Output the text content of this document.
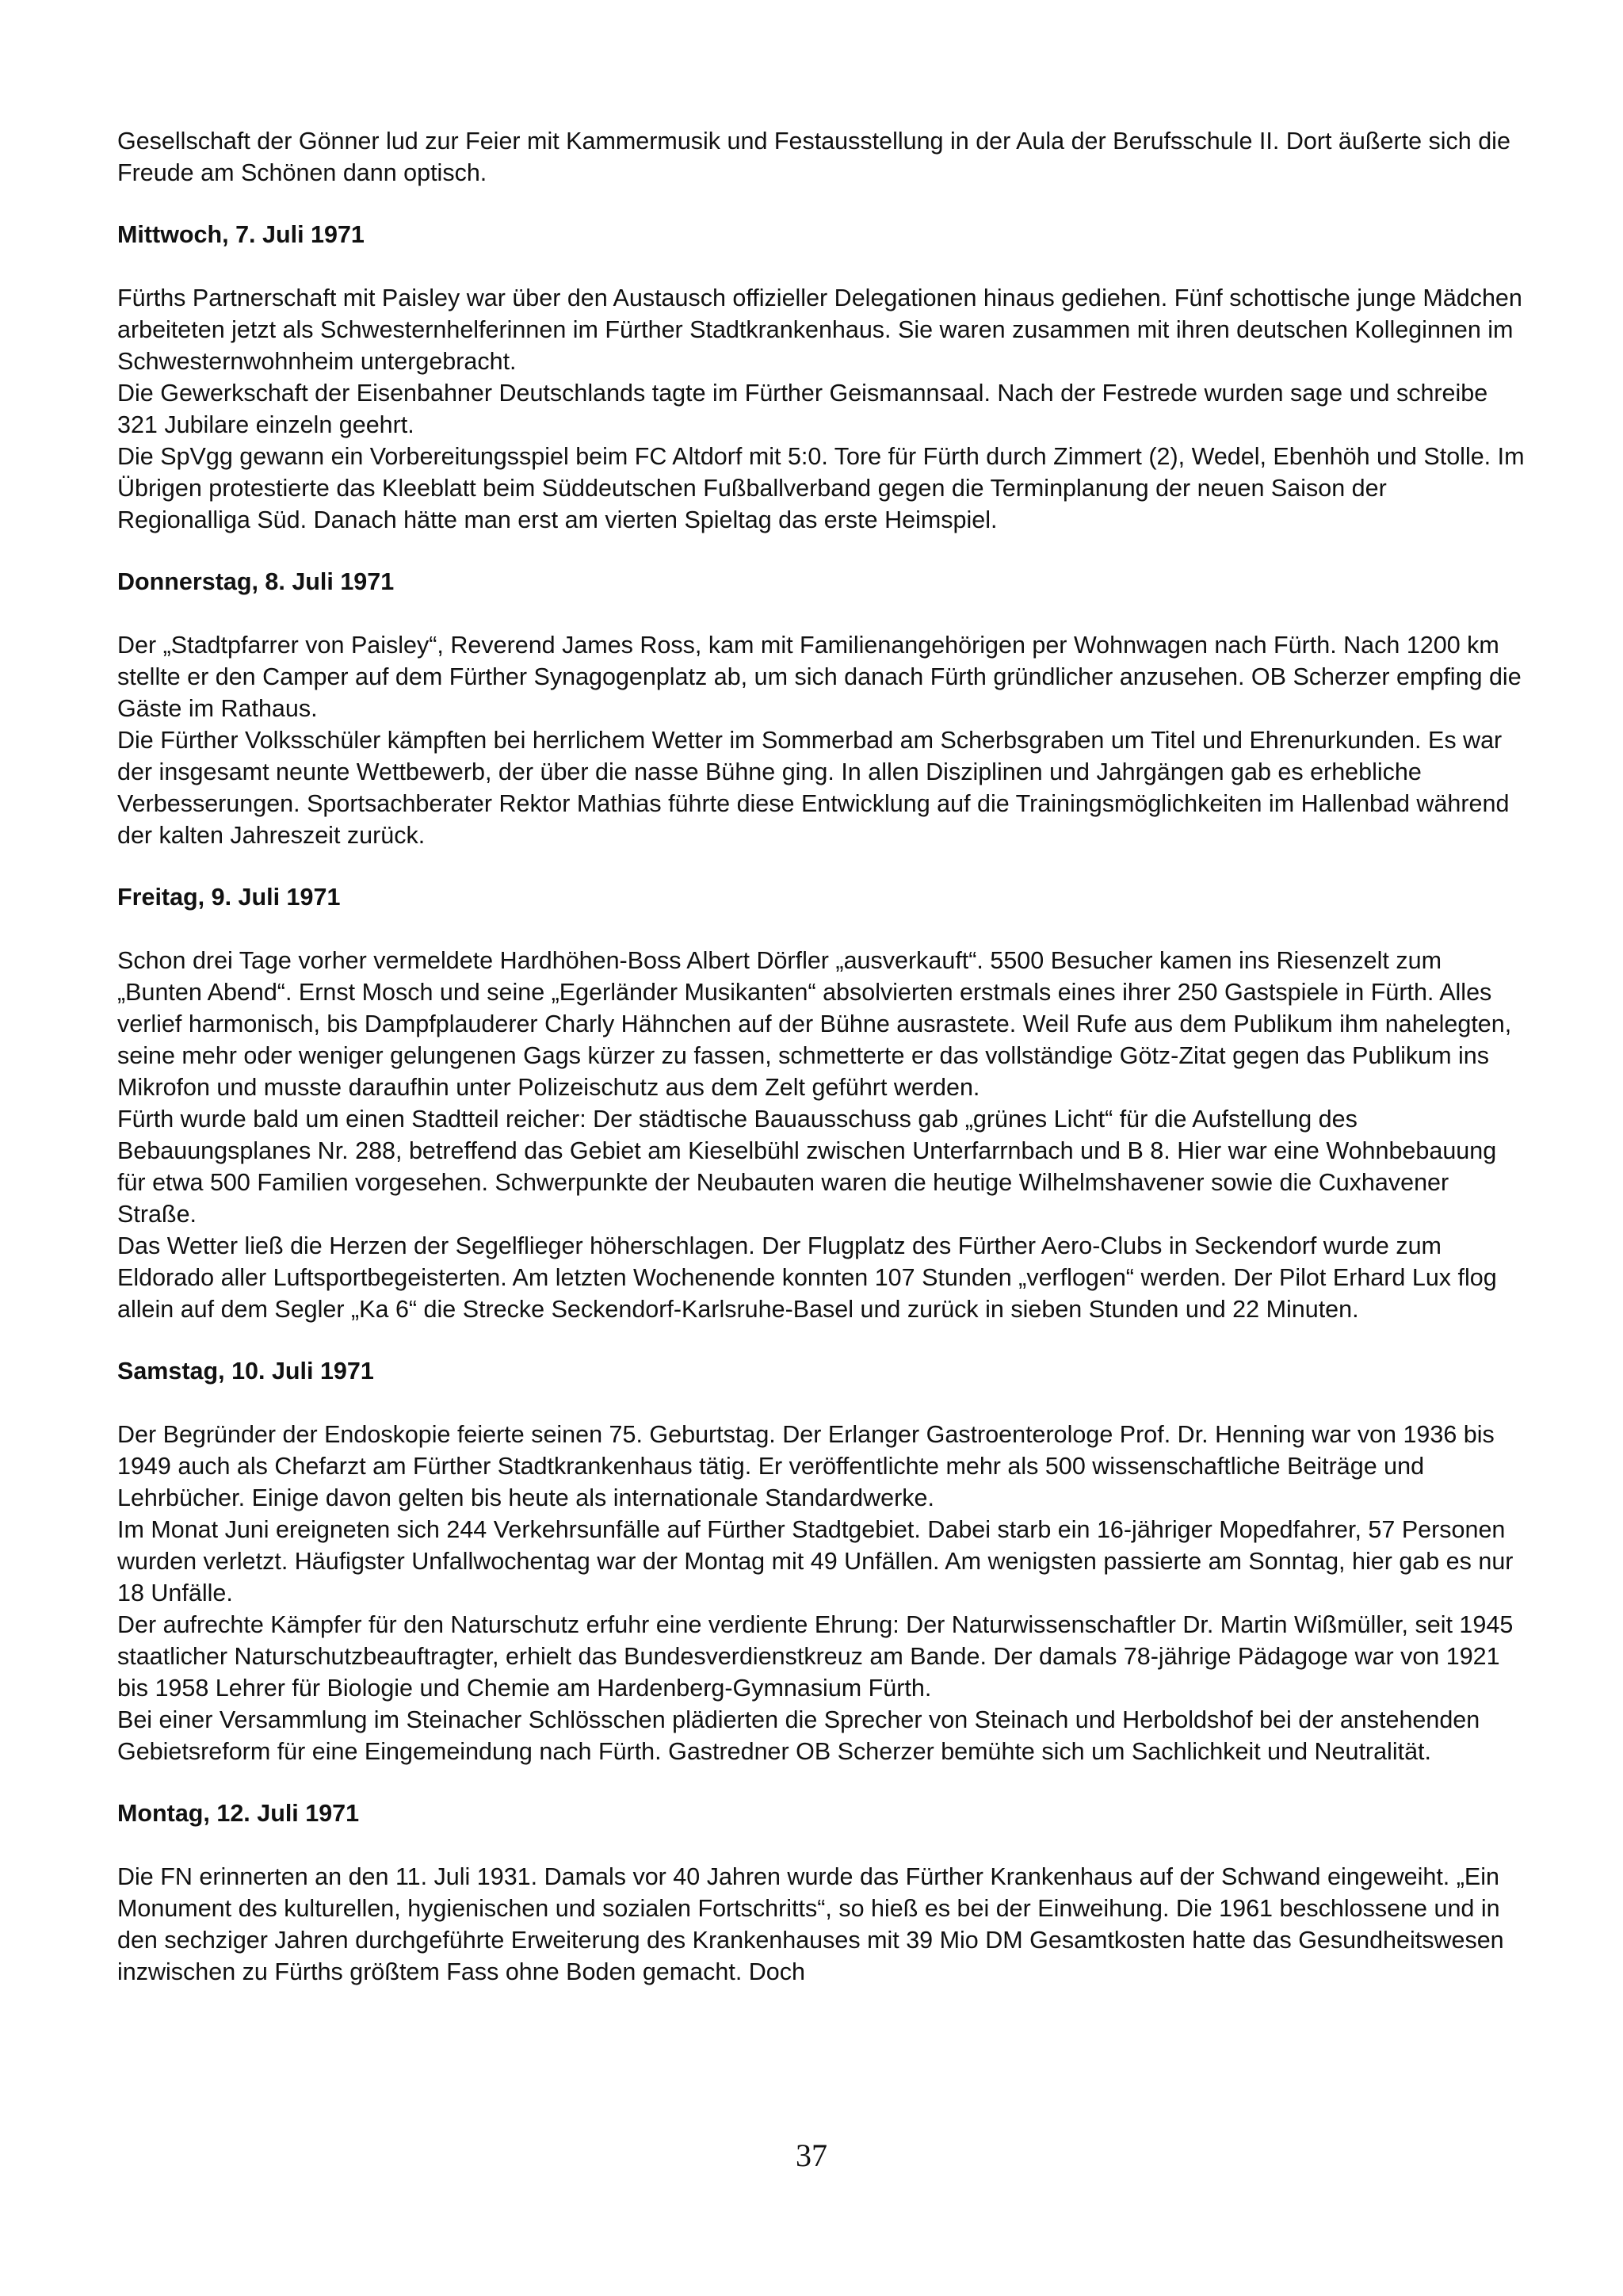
Gesellschaft der Gönner lud zur Feier mit Kammermusik und Festausstellung in der Aula der Berufsschule II. Dort äußerte sich die Freude am Schönen dann optisch.

Mittwoch, 7. Juli 1971

Fürths Partnerschaft mit Paisley war über den Austausch offizieller Delegationen hinaus gediehen. Fünf schottische junge Mädchen arbeiteten jetzt als Schwesternhelferinnen im Fürther Stadtkrankenhaus. Sie waren zusammen mit ihren deutschen Kolleginnen im Schwesternwohnheim untergebracht.

Die Gewerkschaft der Eisenbahner Deutschlands tagte im Fürther Geismannsaal. Nach der Festrede wurden sage und schreibe 321 Jubilare einzeln geehrt.

Die SpVgg gewann ein Vorbereitungsspiel beim FC Altdorf mit 5:0. Tore für Fürth durch Zimmert (2), Wedel, Ebenhöh und Stolle. Im Übrigen protestierte das Kleeblatt beim Süddeutschen Fußballverband gegen die Terminplanung der neuen Saison der Regionalliga Süd. Danach hätte man erst am vierten Spieltag das erste Heimspiel.

Donnerstag, 8. Juli 1971

Der „Stadtpfarrer von Paisley“, Reverend James Ross, kam mit Familienangehörigen per Wohnwagen nach Fürth. Nach 1200 km stellte er den Camper auf dem Fürther Synagogenplatz ab, um sich danach Fürth gründlicher anzusehen. OB Scherzer empfing die Gäste im Rathaus.

Die Fürther Volksschüler kämpften bei herrlichem Wetter im Sommerbad am Scherbsgraben um Titel und Ehrenurkunden. Es war der insgesamt neunte Wettbewerb, der über die nasse Bühne ging. In allen Disziplinen und Jahrgängen gab es erhebliche Verbesserungen. Sportsachberater Rektor Mathias führte diese Entwicklung auf die Trainingsmöglichkeiten im Hallenbad während der kalten Jahreszeit zurück.

Freitag, 9. Juli 1971

Schon drei Tage vorher vermeldete Hardhöhen-Boss Albert Dörfler „ausverkauft“. 5500 Besucher kamen ins Riesenzelt zum „Bunten Abend“. Ernst Mosch und seine „Egerländer Musikanten“ absolvierten erstmals eines ihrer 250 Gastspiele in Fürth. Alles verlief harmonisch, bis Dampfplauderer Charly Hähnchen auf der Bühne ausrastete. Weil Rufe aus dem Publikum ihm nahelegten, seine mehr oder weniger gelungenen Gags kürzer zu fassen, schmetterte er das vollständige Götz-Zitat gegen das Publikum ins Mikrofon und musste daraufhin unter Polizeischutz aus dem Zelt geführt werden.

Fürth wurde bald um einen Stadtteil reicher: Der städtische Bauausschuss gab „grünes Licht“ für die Aufstellung des Bebauungsplanes Nr. 288, betreffend das Gebiet am Kieselbühl zwischen Unterfarrnbach und B 8. Hier war eine Wohnbebauung für etwa 500 Familien vorgesehen. Schwerpunkte der Neubauten waren die heutige Wilhelmshavener sowie die Cuxhavener Straße.

Das Wetter ließ die Herzen der Segelflieger höherschlagen. Der Flugplatz des Fürther Aero-Clubs in Seckendorf wurde zum Eldorado aller Luftsportbegeisterten. Am letzten Wochenende konnten 107 Stunden „verflogen“ werden. Der Pilot Erhard Lux flog allein auf dem Segler „Ka 6“ die Strecke Seckendorf-Karlsruhe-Basel und zurück in sieben Stunden und 22 Minuten.

Samstag, 10. Juli 1971

Der Begründer der Endoskopie feierte seinen 75. Geburtstag. Der Erlanger Gastroenterologe Prof. Dr. Henning war von 1936 bis 1949 auch als Chefarzt am Fürther Stadtkrankenhaus tätig. Er veröffentlichte mehr als 500 wissenschaftliche Beiträge und Lehrbücher. Einige davon gelten bis heute als internationale Standardwerke.

Im Monat Juni ereigneten sich 244 Verkehrsunfälle auf Fürther Stadtgebiet. Dabei starb ein 16-jähriger Mopedfahrer, 57 Personen wurden verletzt. Häufigster Unfallwochentag war der Montag mit 49 Unfällen. Am wenigsten passierte am Sonntag, hier gab es nur 18 Unfälle.

Der aufrechte Kämpfer für den Naturschutz erfuhr eine verdiente Ehrung: Der Naturwissenschaftler Dr. Martin Wißmüller, seit 1945 staatlicher Naturschutzbeauftragter, erhielt das Bundesverdienstkreuz am Bande. Der damals 78-jährige Pädagoge war von 1921 bis 1958 Lehrer für Biologie und Chemie am Hardenberg-Gymnasium Fürth.

Bei einer Versammlung im Steinacher Schlösschen plädierten die Sprecher von Steinach und Herboldshof bei der anstehenden Gebietsreform für eine Eingemeindung nach Fürth. Gastredner OB Scherzer bemühte sich um Sachlichkeit und Neutralität.

Montag, 12. Juli 1971

Die FN erinnerten an den 11. Juli 1931. Damals vor 40 Jahren wurde das Fürther Krankenhaus auf der Schwand eingeweiht. „Ein Monument des kulturellen, hygienischen und sozialen Fortschritts“, so hieß es bei der Einweihung. Die 1961 beschlossene und in den sechziger Jahren durchgeführte Erweiterung des Krankenhauses mit 39 Mio DM Gesamtkosten hatte das Gesundheitswesen inzwischen zu Fürths größtem Fass ohne Boden gemacht. Doch

37
